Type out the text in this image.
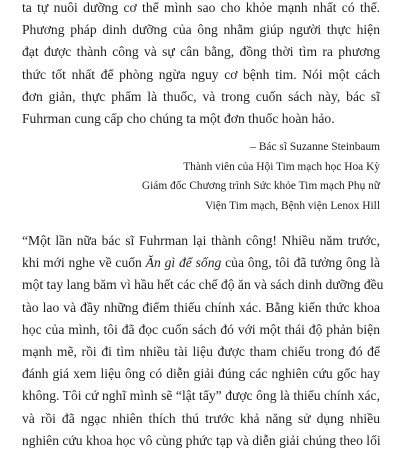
ta tự nuôi dưỡng cơ thể mình sao cho khỏe mạnh nhất có thể.
Phương pháp dinh dưỡng của ông nhằm giúp người thực hiện
đạt được thành công và sự cân bằng, đồng thời tìm ra phương
thức tốt nhất để phòng ngừa nguy cơ bệnh tim. Nói một cách
đơn giản, thực phẩm là thuốc, và trong cuốn sách này, bác sĩ
Fuhrman cung cấp cho chúng ta một đơn thuốc hoàn hảo.
– Bác sĩ Suzanne Steinbaum
Thành viên của Hội Tim mạch học Hoa Kỳ
Giám đốc Chương trình Sức khỏe Tim mạch Phụ nữ
Viện Tim mạch, Bệnh viện Lenox Hill
“Một lần nữa bác sĩ Fuhrman lại thành công! Nhiều năm trước,
khi mới nghe về cuốn Ăn gì để sống của ông, tôi đã tưởng ông là
một tay lang băm vì hầu hết các chế độ ăn và sách dinh dưỡng đều
tào lao và đầy những điểm thiếu chính xác. Bằng kiến thức khoa
học của mình, tôi đã đọc cuốn sách đó với một thái độ phản biện
mạnh mẽ, rồi đi tìm nhiều tài liệu được tham chiếu trong đó để
đánh giá xem liệu ông có diễn giải đúng các nghiên cứu gốc hay
không. Tôi cứ nghĩ mình sẽ “lật tẩy” được ông là thiếu chính xác,
và rồi đã ngạc nhiên thích thú trước khả năng sử dụng nhiều
nghiên cứu khoa học vô cùng phức tạp và diễn giải chúng theo lối
